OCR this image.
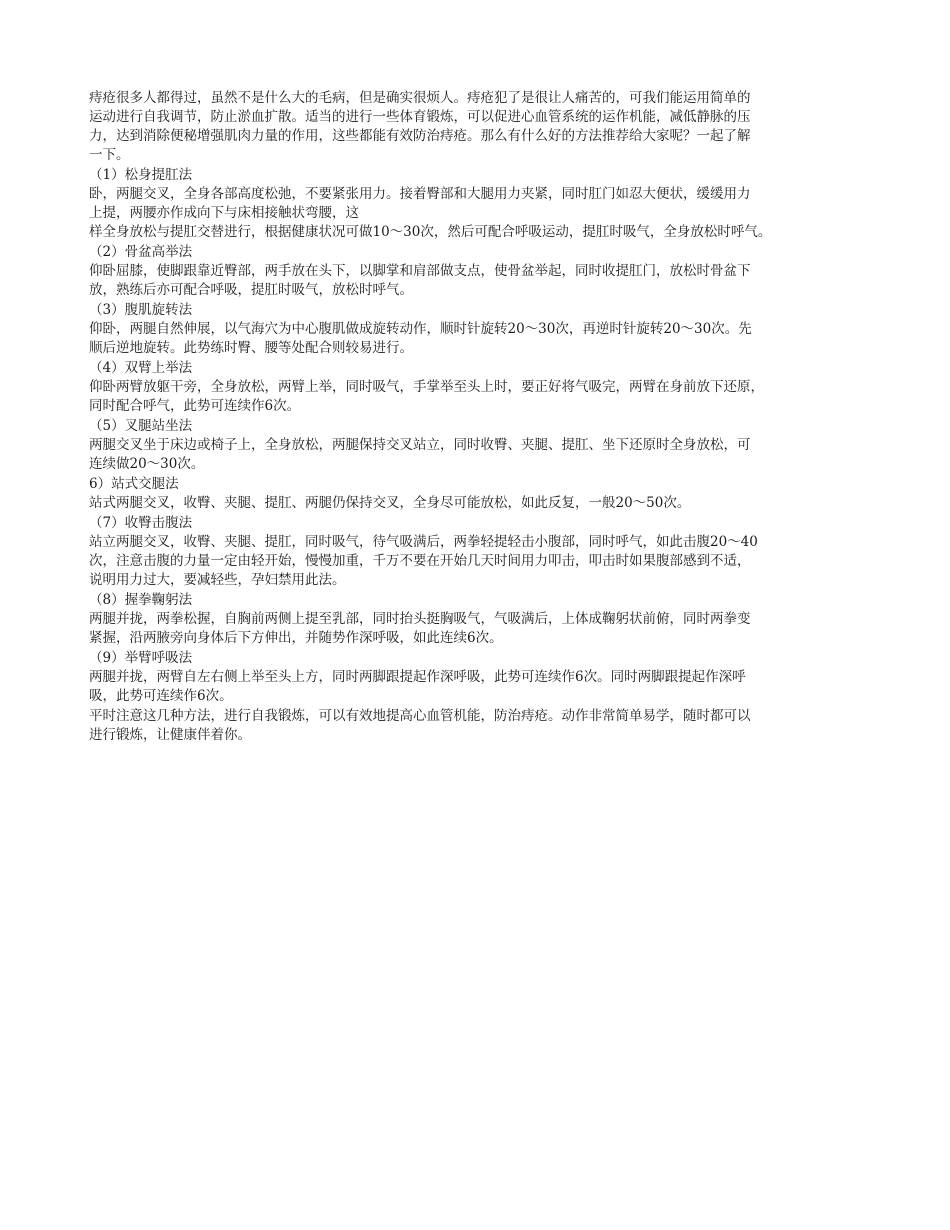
痔疮很多人都得过，虽然不是什么大的毛病，但是确实很烦人。痔疮犯了是很让人痛苦的，可我们能运用简单的
运动进行自我调节，防止淤血扩散。适当的进行一些体育锻炼，可以促进心血管系统的运作机能，减低静脉的压
力，达到消除便秘增强肌肉力量的作用，这些都能有效防治痔疮。那么有什么好的方法推荐给大家呢？一起了解
一下。
（1）松身提肛法
卧，两腿交叉，全身各部高度松弛，不要紧张用力。接着臀部和大腿用力夹紧，同时肛门如忍大便状，缓缓用力
上提，两腰亦作成向下与床相接触状弯腰，这
样全身放松与提肛交替进行，根据健康状况可做10～30次，然后可配合呼吸运动，提肛时吸气，全身放松时呼气。
（2）骨盆高举法
仰卧屈膝，使脚跟靠近臀部，两手放在头下，以脚掌和肩部做支点，使骨盆举起，同时收提肛门，放松时骨盆下
放，熟练后亦可配合呼吸，提肛时吸气，放松时呼气。
（3）腹肌旋转法
仰卧，两腿自然伸展，以气海穴为中心腹肌做成旋转动作，顺时针旋转20～30次，再逆时针旋转20～30次。先
顺后逆地旋转。此势练时臀、腰等处配合则较易进行。
（4）双臂上举法
仰卧两臂放躯干旁，全身放松，两臂上举，同时吸气，手掌举至头上时，要正好将气吸完，两臂在身前放下还原，
同时配合呼气，此势可连续作6次。
（5）叉腿站坐法
两腿交叉坐于床边或椅子上，全身放松，两腿保持交叉站立，同时收臀、夹腿、提肛、坐下还原时全身放松，可
连续做20～30次。
6）站式交腿法
站式两腿交叉，收臀、夹腿、提肛、两腿仍保持交叉，全身尽可能放松，如此反复，一般20～50次。
（7）收臀击腹法
站立两腿交叉，收臀、夹腿、提肛，同时吸气，待气吸满后，两拳轻提轻击小腹部，同时呼气，如此击腹20～40
次，注意击腹的力量一定由轻开始，慢慢加重，千万不要在开始几天时间用力叩击，叩击时如果腹部感到不适，
说明用力过大，要减轻些，孕妇禁用此法。
（8）握拳鞠躬法
两腿并拢，两拳松握，自胸前两侧上提至乳部，同时抬头挺胸吸气，气吸满后，上体成鞠躬状前俯，同时两拳变
紧握，沿两腋旁向身体后下方伸出，并随势作深呼吸，如此连续6次。
（9）举臂呼吸法
两腿并拢，两臂自左右侧上举至头上方，同时两脚跟提起作深呼吸，此势可连续作6次。同时两脚跟提起作深呼
吸，此势可连续作6次。
平时注意这几种方法，进行自我锻炼，可以有效地提高心血管机能，防治痔疮。动作非常简单易学，随时都可以
进行锻炼，让健康伴着你。
